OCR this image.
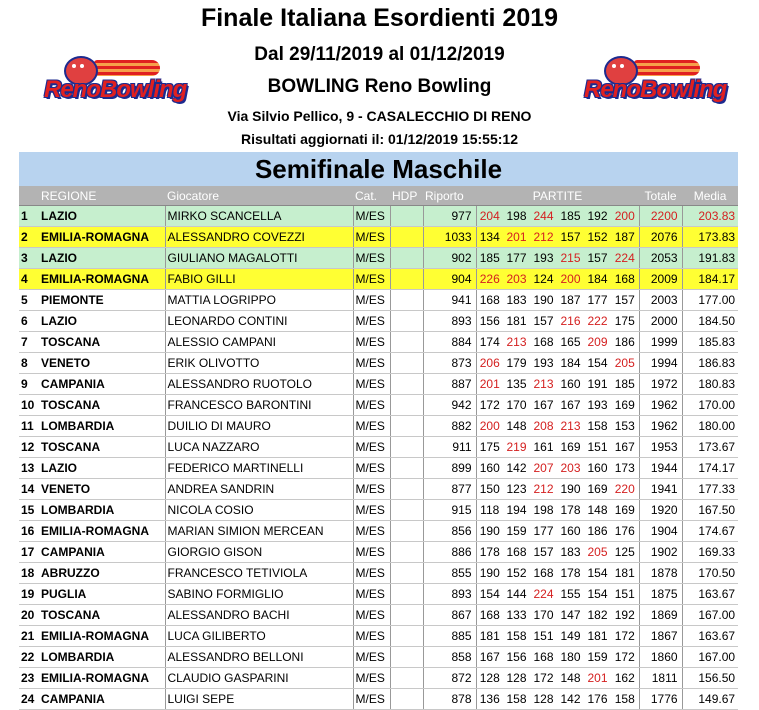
Finale Italiana Esordienti 2019
Dal 29/11/2019 al 01/12/2019
BOWLING Reno Bowling
Via Silvio Pellico, 9 - CASALECCHIO DI RENO
Risultati aggiornati il: 01/12/2019 15:55:12
RenoBowling	RenoBowling
Semifinale Maschile
	REGIONE	Giocatore	Cat.	HDP	Riporto	PARTITE						Totale	Media
1	LAZIO	MIRKO SCANCELLA	M/ES		977	204	198	244	185	192	200	2200	203.83
2	EMILIA-ROMAGNA	ALESSANDRO COVEZZI	M/ES		1033	134	201	212	157	152	187	2076	173.83
3	LAZIO	GIULIANO MAGALOTTI	M/ES		902	185	177	193	215	157	224	2053	191.83
4	EMILIA-ROMAGNA	FABIO GILLI	M/ES		904	226	203	124	200	184	168	2009	184.17
5	PIEMONTE	MATTIA LOGRIPPO	M/ES		941	168	183	190	187	177	157	2003	177.00
6	LAZIO	LEONARDO CONTINI	M/ES		893	156	181	157	216	222	175	2000	184.50
7	TOSCANA	ALESSIO CAMPANI	M/ES		884	174	213	168	165	209	186	1999	185.83
8	VENETO	ERIK OLIVOTTO	M/ES		873	206	179	193	184	154	205	1994	186.83
9	CAMPANIA	ALESSANDRO RUOTOLO	M/ES		887	201	135	213	160	191	185	1972	180.83
10	TOSCANA	FRANCESCO BARONTINI	M/ES		942	172	170	167	167	193	169	1962	170.00
11	LOMBARDIA	DUILIO DI MAURO	M/ES		882	200	148	208	213	158	153	1962	180.00
12	TOSCANA	LUCA NAZZARO	M/ES		911	175	219	161	169	151	167	1953	173.67
13	LAZIO	FEDERICO MARTINELLI	M/ES		899	160	142	207	203	160	173	1944	174.17
14	VENETO	ANDREA SANDRIN	M/ES		877	150	123	212	190	169	220	1941	177.33
15	LOMBARDIA	NICOLA COSIO	M/ES		915	118	194	198	178	148	169	1920	167.50
16	EMILIA-ROMAGNA	MARIAN SIMION MERCEAN	M/ES		856	190	159	177	160	186	176	1904	174.67
17	CAMPANIA	GIORGIO GISON	M/ES		886	178	168	157	183	205	125	1902	169.33
18	ABRUZZO	FRANCESCO TETIVIOLA	M/ES		855	190	152	168	178	154	181	1878	170.50
19	PUGLIA	SABINO FORMIGLIO	M/ES		893	154	144	224	155	154	151	1875	163.67
20	TOSCANA	ALESSANDRO BACHI	M/ES		867	168	133	170	147	182	192	1869	167.00
21	EMILIA-ROMAGNA	LUCA GILIBERTO	M/ES		885	181	158	151	149	181	172	1867	163.67
22	LOMBARDIA	ALESSANDRO BELLONI	M/ES		858	167	156	168	180	159	172	1860	167.00
23	EMILIA-ROMAGNA	CLAUDIO GASPARINI	M/ES		872	128	128	172	148	201	162	1811	156.50
24	CAMPANIA	LUIGI SEPE	M/ES		878	136	158	128	142	176	158	1776	149.67
